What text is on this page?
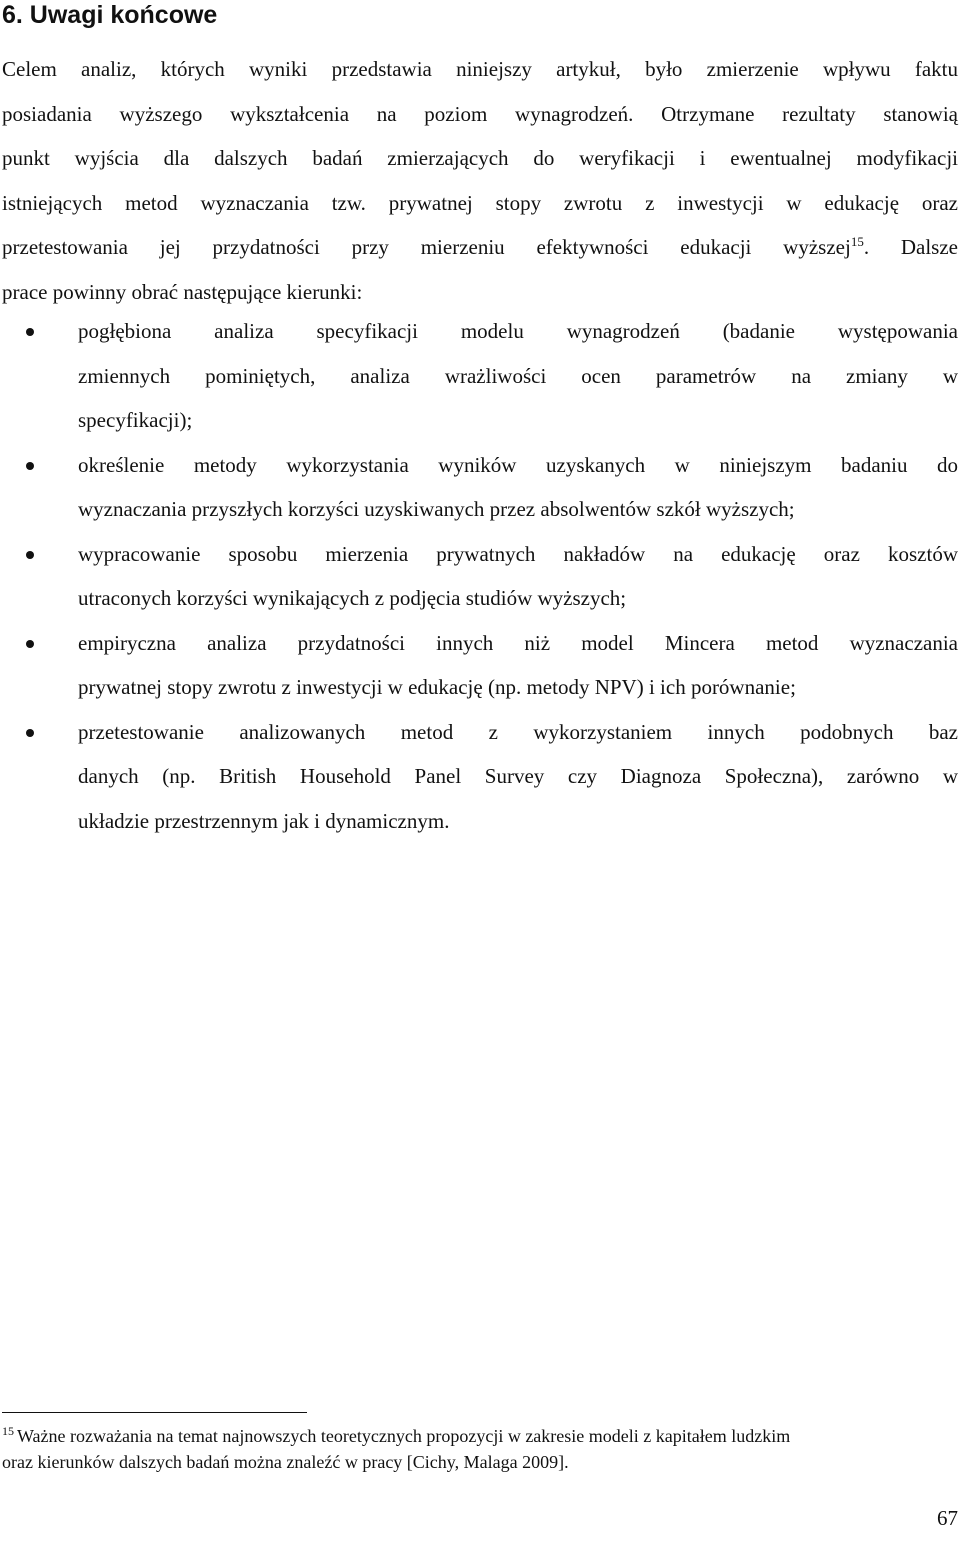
6. Uwagi końcowe
Celem analiz, których wyniki przedstawia niniejszy artykuł, było zmierzenie wpływu faktu
posiadania wyższego wykształcenia na poziom wynagrodzeń. Otrzymane rezultaty stanowią
punkt wyjścia dla dalszych badań zmierzających do weryfikacji i ewentualnej modyfikacji
istniejących metod wyznaczania tzw. prywatnej stopy zwrotu z inwestycji w edukację oraz
przetestowania jej przydatności przy mierzeniu efektywności edukacji wyższej$^{15}$. Dalsze
prace powinny obrać następujące kierunki:
pogłębiona analiza specyfikacji modelu wynagrodzeń (badanie występowania
zmiennych pominiętych, analiza wrażliwości ocen parametrów na zmiany w
specyfikacji);
określenie metody wykorzystania wyników uzyskanych w niniejszym badaniu do
wyznaczania przyszłych korzyści uzyskiwanych przez absolwentów szkół wyższych;
wypracowanie sposobu mierzenia prywatnych nakładów na edukację oraz kosztów
utraconych korzyści wynikających z podjęcia studiów wyższych;
empiryczna analiza przydatności innych niż model Mincera metod wyznaczania
prywatnej stopy zwrotu z inwestycji w edukację (np. metody NPV) i ich porównanie;
przetestowanie analizowanych metod z wykorzystaniem innych podobnych baz
danych (np. British Household Panel Survey czy Diagnoza Społeczna), zarówno w
układzie przestrzennym jak i dynamicznym.
$^{15}$ Ważne rozważania na temat najnowszych teoretycznych propozycji w zakresie modeli z kapitałem ludzkim
oraz kierunków dalszych badań można znaleźć w pracy [Cichy, Malaga 2009].
67
